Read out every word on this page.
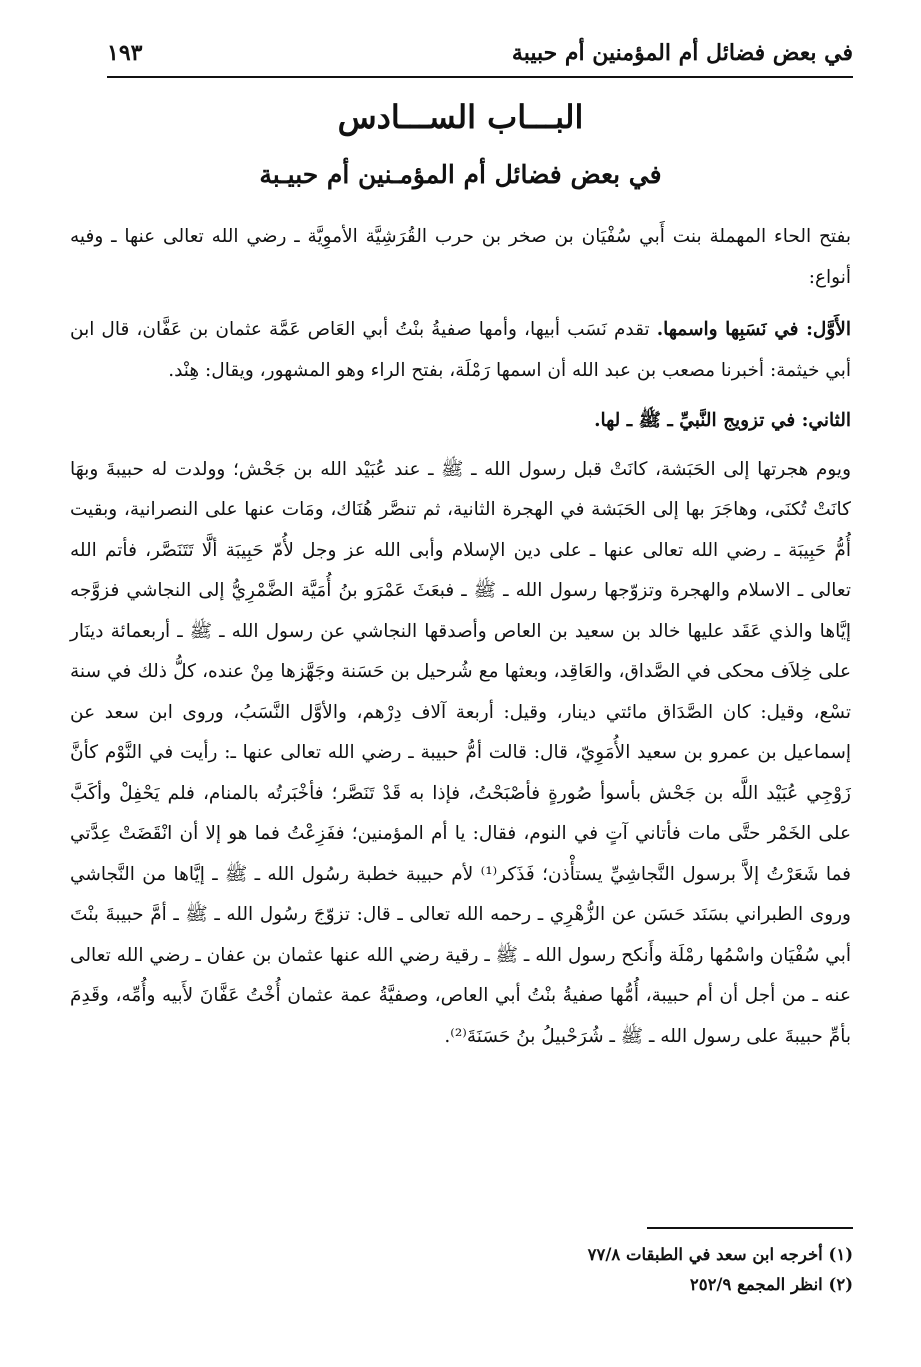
في بعض فضائل أم المؤمنين أم حبيبة
١٩٣
البـــاب الســـادس
في بعض فضائل أم المؤمـنين أم حبيـبة

بفتح الحاء المهملة بنت أَبي سُفْيَان بن صخر بن حرب القُرَشِيَّة الأموِيَّة ـ رضي الله تعالى عنها ـ وفيه أنواع:

الأَوَّل: في نَسَبِها واسمها. تقدم نَسَب أبيها، وأمها صفيةُ بنْتُ أبي العَاص عَمَّة عثمان بن عَفَّان، قال ابن أبي خيثمة: أخبرنا مصعب بن عبد الله أن اسمها رَمْلَة، بفتح الراء وهو المشهور، ويقال: هِنْد.

الثاني: في تزويج النَّبيِّ ـ ﷺ ـ لها.

ويوم هجرتها إلى الحَبَشة، كانَتْ قبل رسول الله ـ ﷺ ـ عند عُبَيْد الله بن جَحْش؛ وولدت له حبيبةَ وبهَا كانَتْ تُكنَى، وهاجَرَ بها إلى الحَبَشة في الهجرة الثانية، ثم تنصَّر هُنَاك، ومَات عنها على النصرانية، وبقيت أُمُّ حَبِيبَة ـ رضي الله تعالى عنها ـ على دين الإسلام وأبى الله عز وجل لأُمّ حَبِيبَة ألَّا تَتَنَصَّر، فأتم الله تعالى ـ الاسلام والهجرة وتزوّجها رسول الله ـ ﷺ ـ فبعَثَ عَمْرَو بنُ أُمَيَّة الضَّمْرِيُّ إلى النجاشي فزوَّجه إيَّاها والذي عَقَد عليها خالد بن سعيد بن العاص وأصدقها النجاشي عن رسول الله ـ ﷺ ـ أربعمائة دينَار على خِلاَف محكى في الصَّداق، والعَاقِد، وبعثها مع شُرحيل بن حَسَنة وجَهَّزها مِنْ عنده، كلُّ ذلك في سنة تسْع، وقيل: كان الصَّدَاق مائتي دينار، وقيل: أربعة آلاف دِرْهم، والأوَّل النَّسَبُ، وروى ابن سعد عن إسماعيل بن عمرو بن سعيد الأُمَوِيّ، قال: قالت أمُّ حبيبة ـ رضي الله تعالى عنها ـ: رأيت في النَّوْم كأنَّ زَوْجِي عُبَيْد اللَّه بن جَحْش بأسوأ صُورةٍ فأصْبَحْتُ، فإذا به قَدْ تَنَصَّر؛ فأخْبَرتُه بالمنام، فلم يَحْفِلْ وأكَبَّ على الخَمْر حتَّى مات فأتاني آتٍ في النوم، فقال: يا أم المؤمنين؛ ففَزِعْتُ فما هو إلا أن انْقَضَتْ عِدَّتي فما شَعَرْتُ إلاَّ برسول النَّجاشِيِّ يستأْذن؛ فَذَكر⁽¹⁾ لأم حبيبة خطبة رسُول الله ـ ﷺ ـ إيَّاها من النَّجاشي وروى الطبراني بسَنَد حَسَن عن الزُّهْرِي ـ رحمه الله تعالى ـ قال: تزوّجَ رسُول الله ـ ﷺ ـ أمَّ حبيبةَ بنْتَ أبي سُفْيَان واسْمُها رمْلَة وأَنكح رسول الله ـ ﷺ ـ رقية رضي الله عنها عثمان بن عفان ـ رضي الله تعالى عنه ـ من أجل أن أم حبيبة، أُمُّها صفيةُ بنْتُ أبي العاص، وصفيَّةُ عمة عثمان أُخْتُ عَفَّانَ لأَبيه وأُمِّه، وقَدِمَ بأمِّ حبيبةَ على رسول الله ـ ﷺ ـ شُرَحْبيلُ بنُ حَسَنَةَ⁽²⁾.

(١) أخرجه ابن سعد في الطبقات ٧٧/٨

(٢) انظر المجمع ٢٥٢/٩
